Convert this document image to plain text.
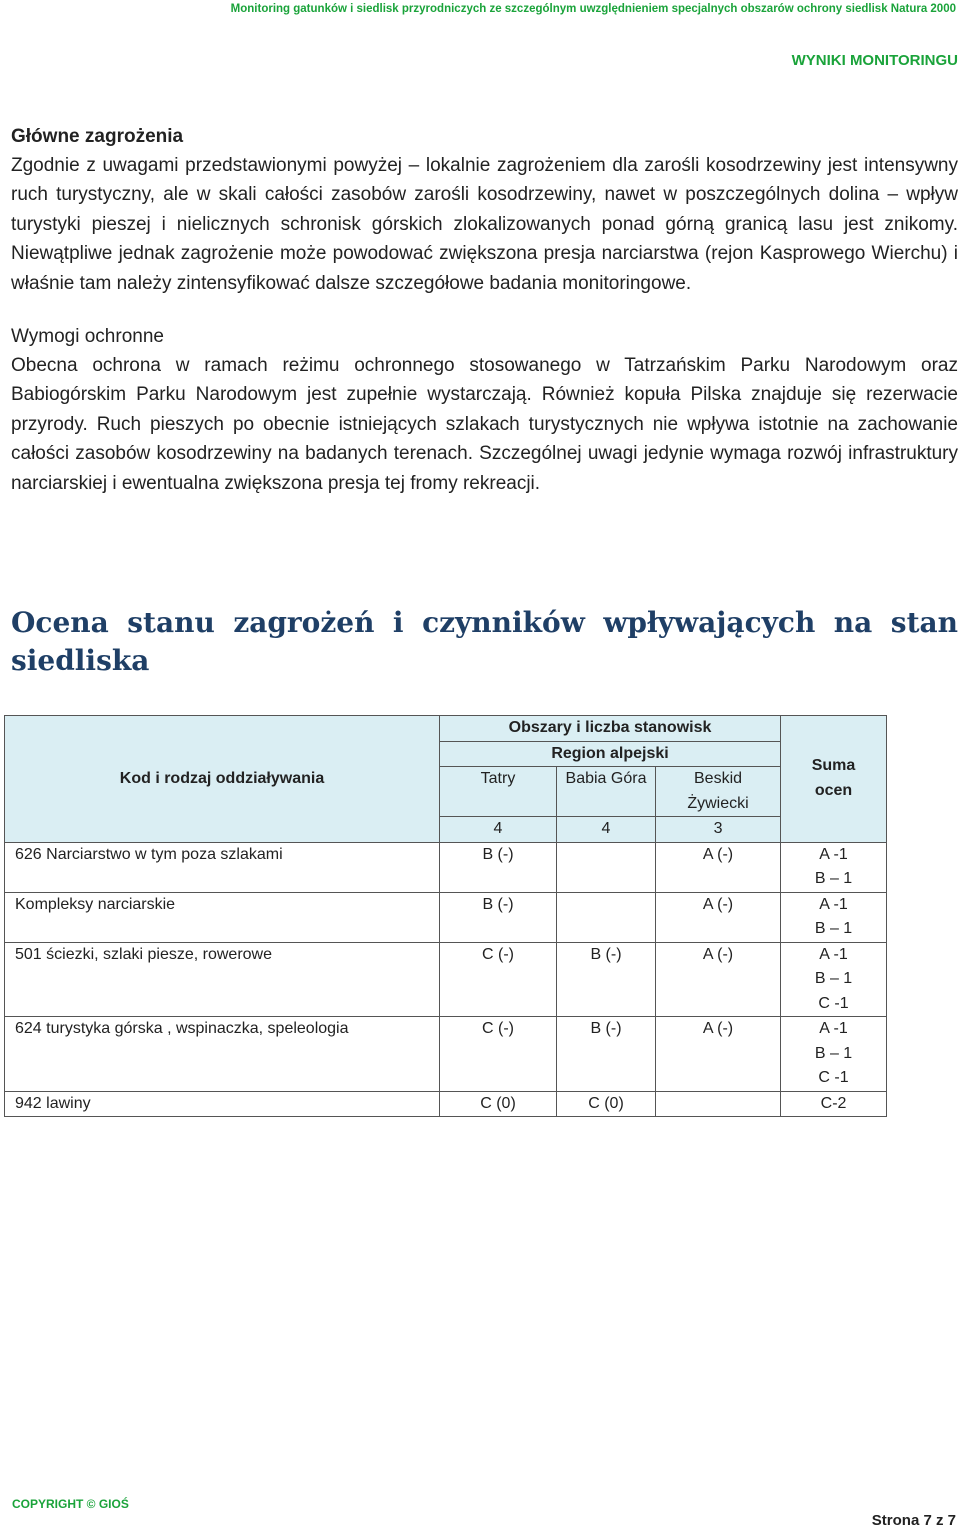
Monitoring gatunków i siedlisk przyrodniczych ze szczególnym uwzględnieniem specjalnych obszarów ochrony siedlisk Natura 2000
WYNIKI MONITORINGU
Główne zagrożenia

Zgodnie z uwagami przedstawionymi powyżej – lokalnie zagrożeniem dla zarośli kosodrzewiny jest intensywny ruch turystyczny, ale w skali całości zasobów zarośli kosodrzewiny, nawet w poszczególnych dolina – wpływ turystyki pieszej i nielicznych schronisk górskich zlokalizowanych ponad górną granicą lasu jest znikomy. Niewątpliwe jednak zagrożenie może powodować zwiększona presja narciarstwa (rejon Kasprowego Wierchu) i właśnie tam należy zintensyfikować dalsze szczegółowe badania monitoringowe.

Wymogi ochronne

Obecna ochrona w ramach reżimu ochronnego stosowanego w Tatrzańskim Parku Narodowym oraz Babiogórskim Parku Narodowym jest zupełnie wystarczają. Również kopuła Pilska znajduje się rezerwacie przyrody. Ruch pieszych po obecnie istniejących szlakach turystycznych nie wpływa istotnie na zachowanie całości zasobów kosodrzewiny na badanych terenach. Szczególnej uwagi jedynie wymaga rozwój infrastruktury narciarskiej i ewentualna zwiększona presja tej fromy rekreacji.

Ocena stanu zagrożeń i czynników wpływających na stan siedliska
Kod i rodzaj oddziaływania	Obszary i liczba stanowisk			Suma ocen
	Region alpejski			
	Tatry	Babia Góra	Beskid Żywiecki	
	4	4	3	
626 Narciarstwo w tym poza szlakami	B (-)		A (-)	A -1
B – 1

Kompleksy narciarskie	B (-)		A (-)	A -1
B – 1

501 ściezki, szlaki piesze, rowerowe	C (-)	B (-)	A (-)	A -1
B – 1
C -1

624 turystyka górska , wspinaczka, speleologia	C (-)	B (-)	A (-)	A -1
B – 1
C -1

942 lawiny	C (0)	C (0)		C-2
COPYRIGHT © GIOŚ
Strona 7 z 7
